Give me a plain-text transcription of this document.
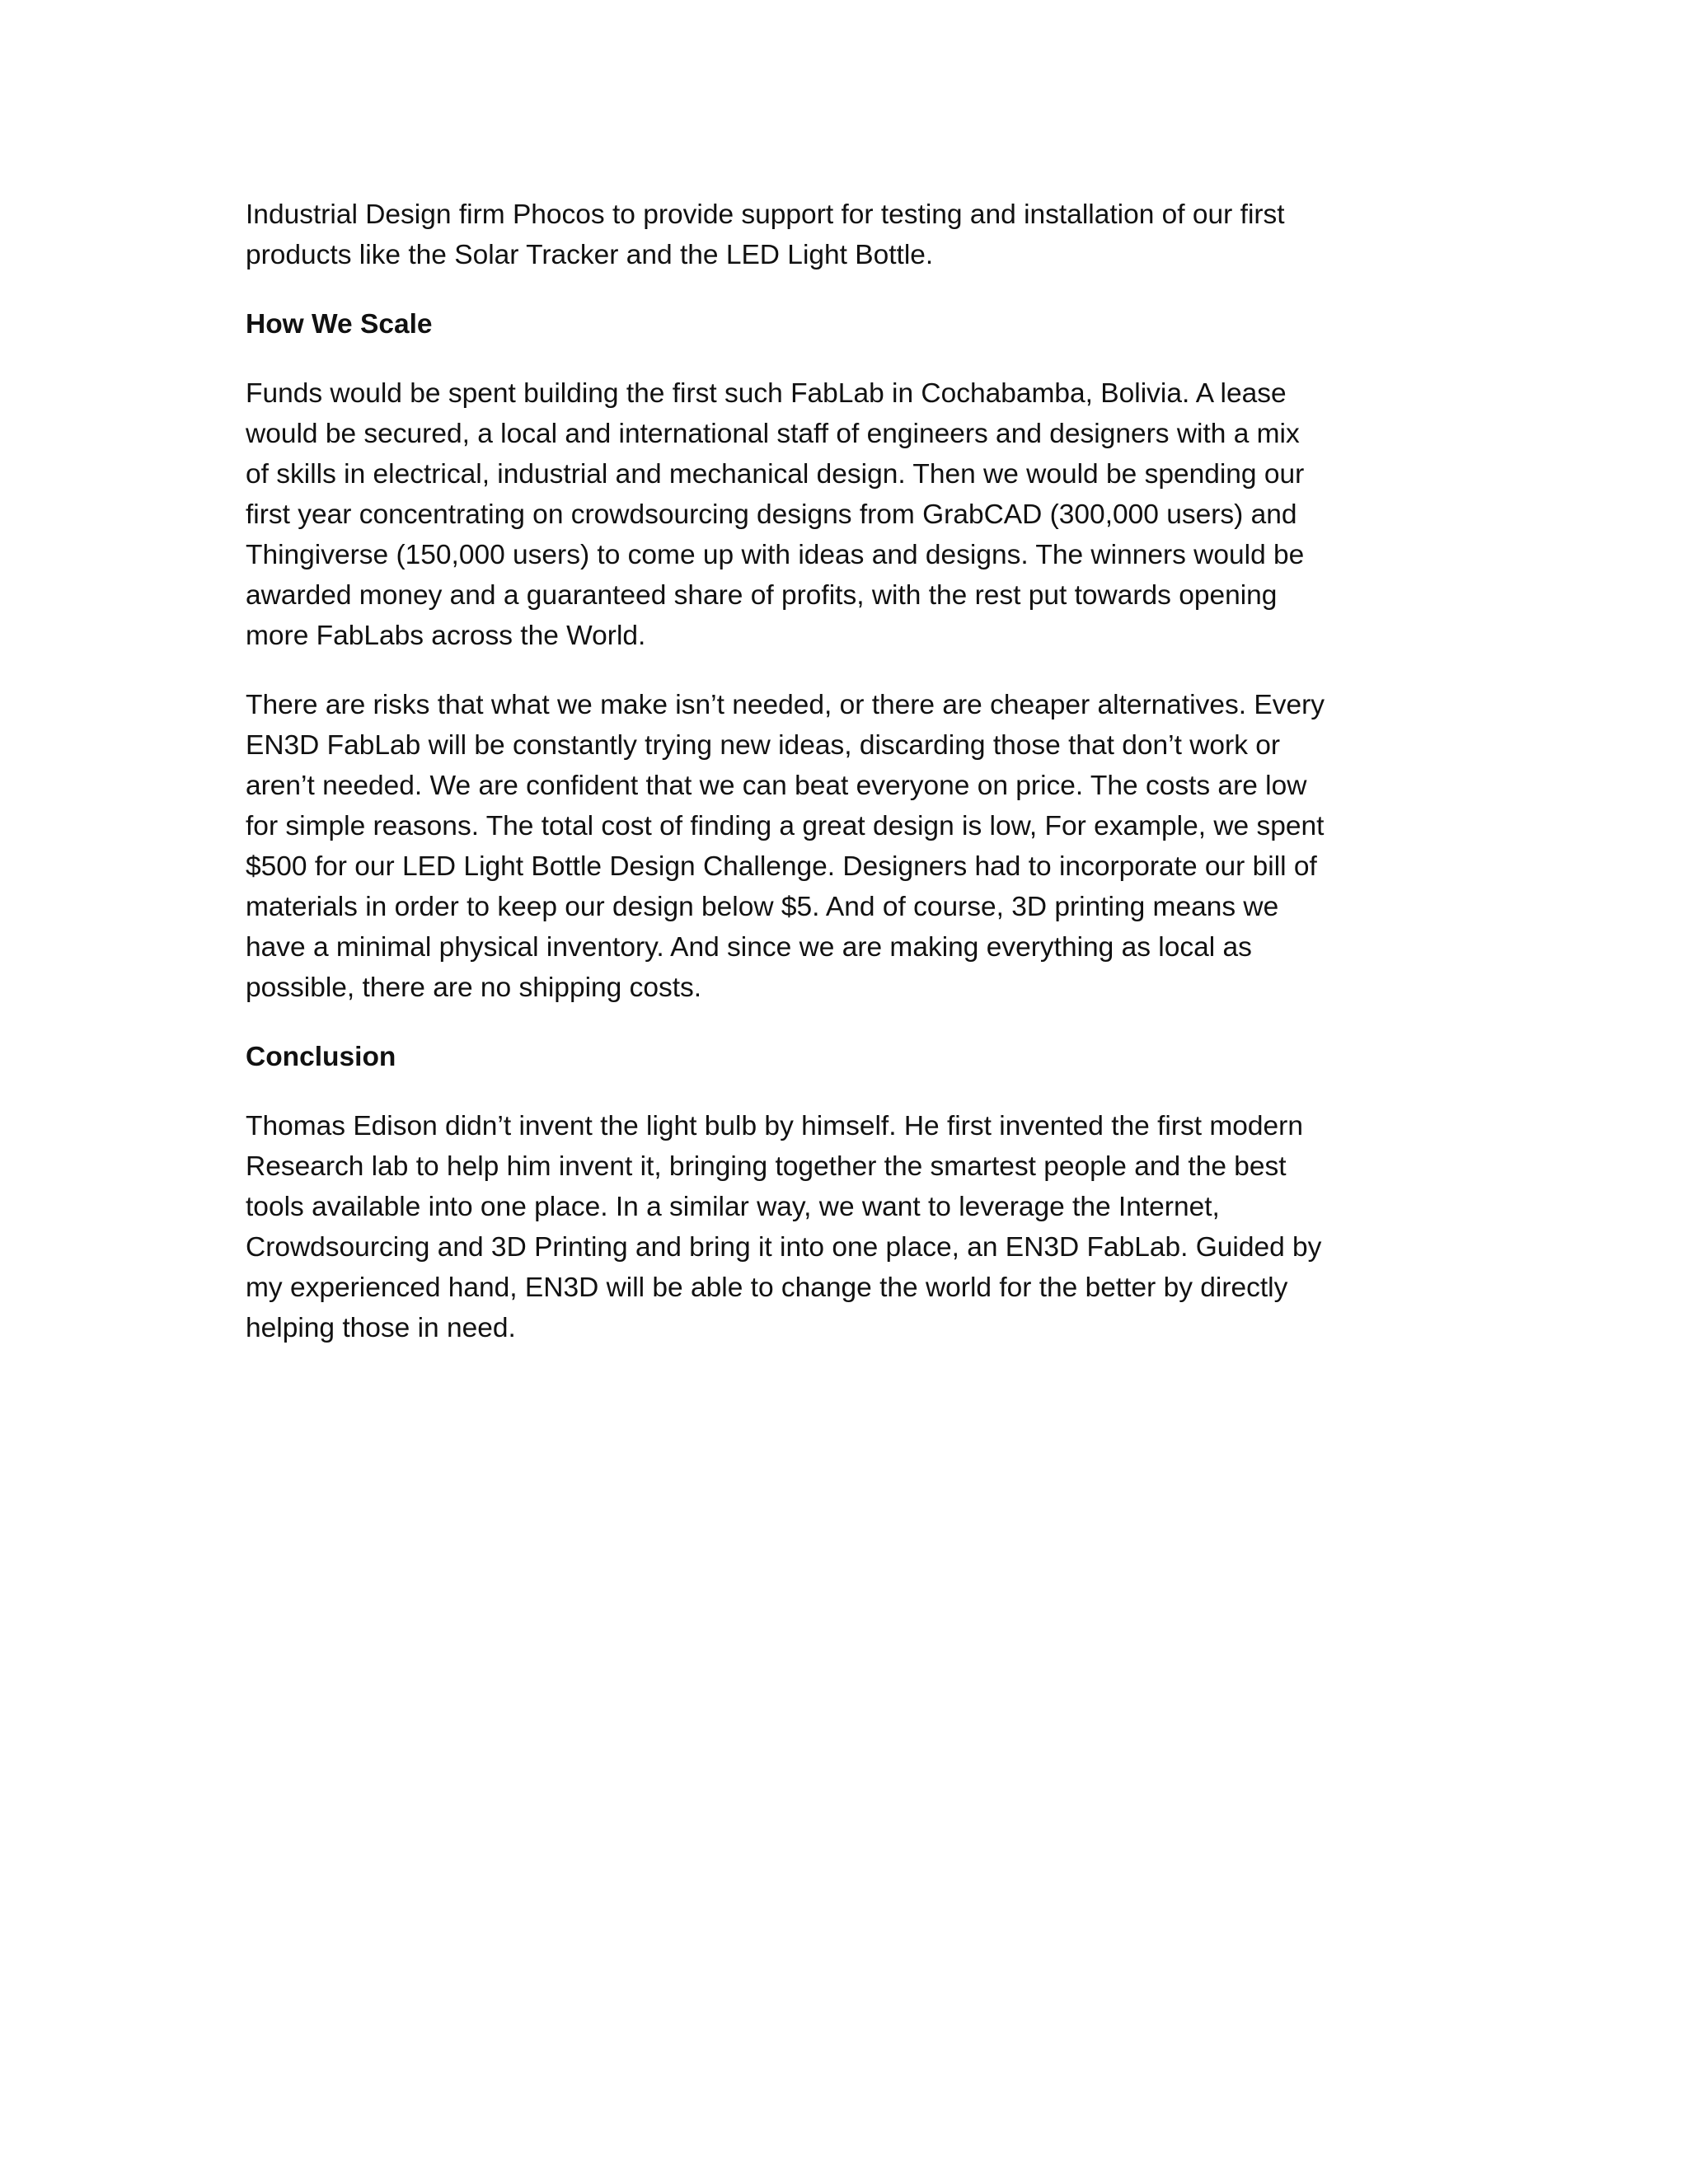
Industrial Design firm Phocos to provide support for testing and installation of our first
products like the Solar Tracker and the LED Light Bottle.
How We Scale
Funds would be spent building the first such FabLab in Cochabamba, Bolivia. A lease
would be secured, a local and international staff of engineers and designers with a mix
of skills in electrical, industrial and mechanical design. Then we would be spending our
first year concentrating on crowdsourcing designs from GrabCAD (300,000 users) and
Thingiverse (150,000 users) to come up with ideas and designs. The winners would be
awarded money and a guaranteed share of profits, with the rest put towards opening
more FabLabs across the World.
There are risks that what we make isn’t needed, or there are cheaper alternatives. Every
EN3D FabLab will be constantly trying new ideas, discarding those that don’t work or
aren’t needed. We are confident that we can beat everyone on price. The costs are low
for simple reasons. The total cost of finding a great design is low, For example, we spent
$500 for our LED Light Bottle Design Challenge. Designers had to incorporate our bill of
materials in order to keep our design below $5. And of course, 3D printing means we
have a minimal physical inventory. And since we are making everything as local as
possible, there are no shipping costs.
Conclusion
Thomas Edison didn’t invent the light bulb by himself. He first invented the first modern
Research lab to help him invent it, bringing together the smartest people and the best
tools available into one place. In a similar way, we want to leverage the Internet,
Crowdsourcing and 3D Printing and bring it into one place, an EN3D FabLab. Guided by
my experienced hand, EN3D will be able to change the world for the better by directly
helping those in need.
